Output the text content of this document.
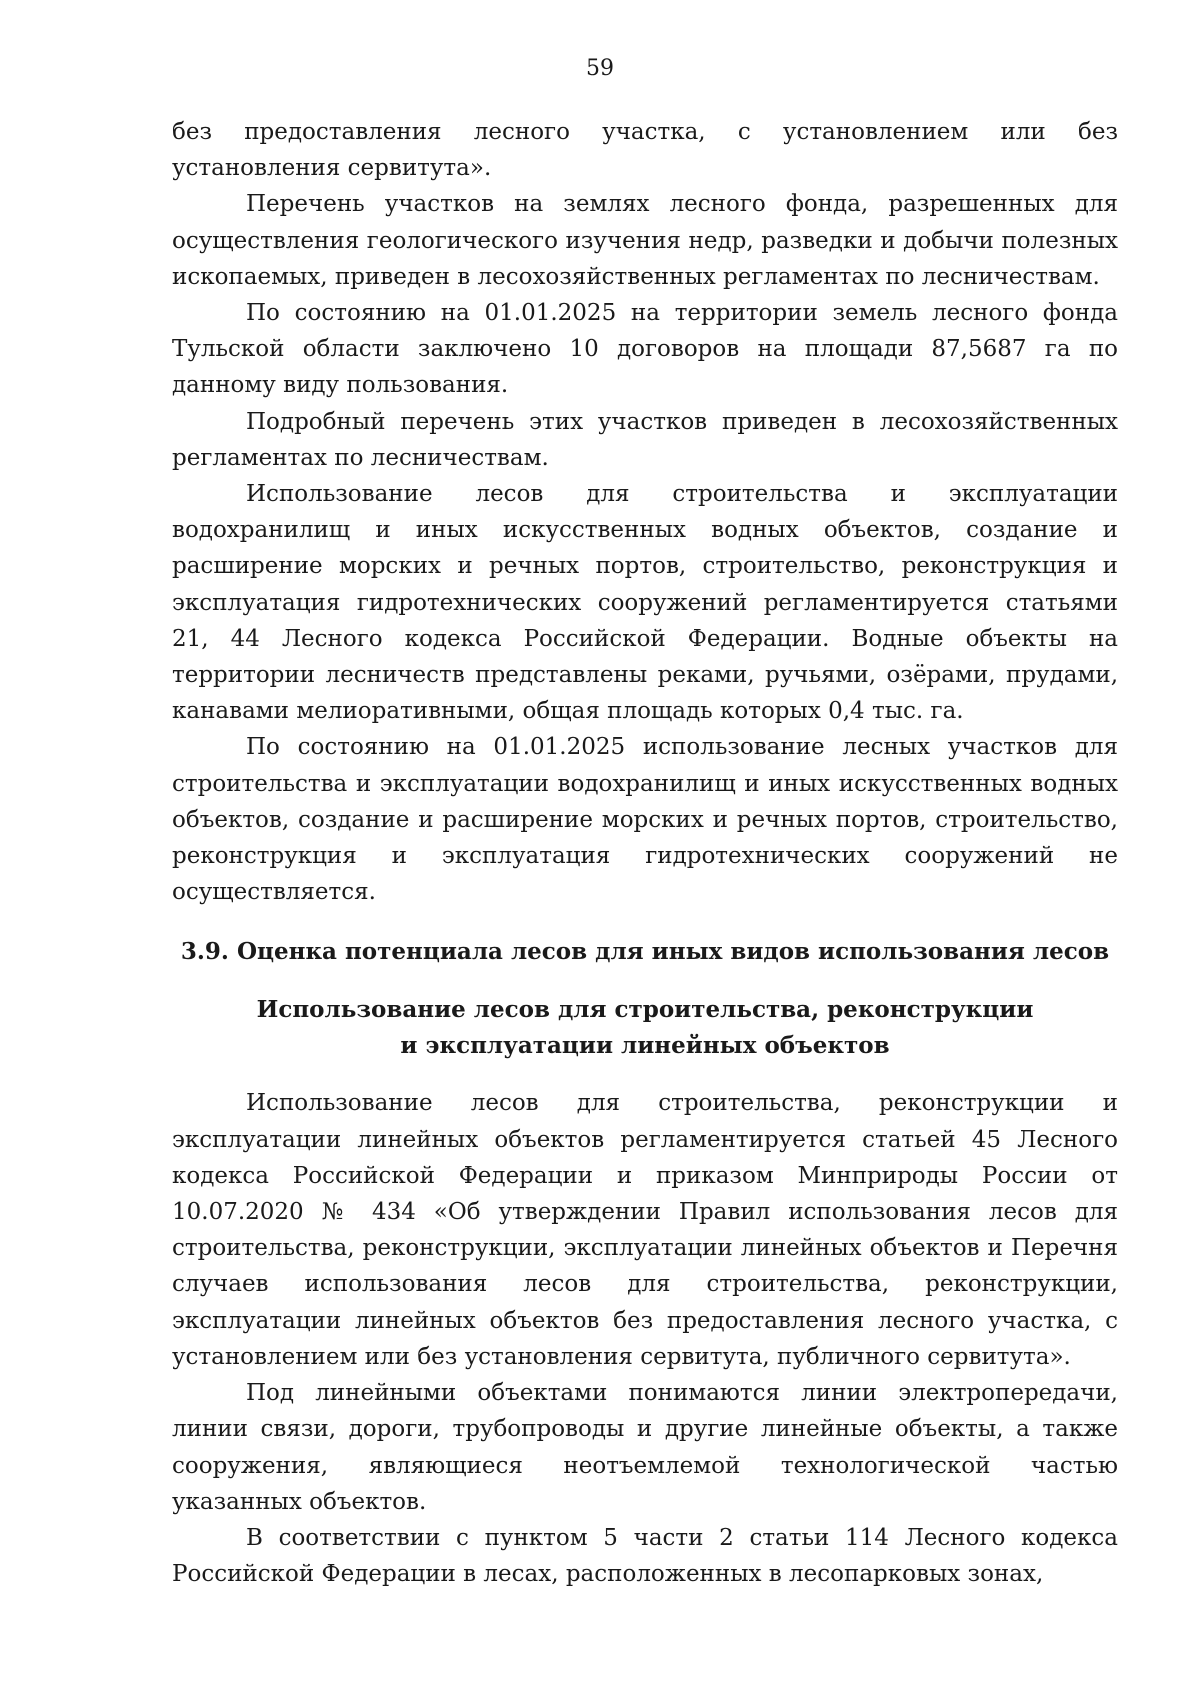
59

без предоставления лесного участка, с установлением или без установления сервитута».

Перечень участков на землях лесного фонда, разрешенных для осуществления геологического изучения недр, разведки и добычи полезных ископаемых, приведен в лесохозяйственных регламентах по лесничествам.

По состоянию на 01.01.2025 на территории земель лесного фонда Тульской области заключено 10 договоров на площади 87,5687 га по данному виду пользования.

Подробный перечень этих участков приведен в лесохозяйственных регламентах по лесничествам.

Использование лесов для строительства и эксплуатации водохранилищ и иных искусственных водных объектов, создание и расширение морских и речных портов, строительство, реконструкция и эксплуатация гидротехнических сооружений регламентируется статьями 21, 44 Лесного кодекса Российской Федерации. Водные объекты на территории лесничеств представлены реками, ручьями, озёрами, прудами, канавами мелиоративными, общая площадь которых 0,4 тыс. га.

По состоянию на 01.01.2025 использование лесных участков для строительства и эксплуатации водохранилищ и иных искусственных водных объектов, создание и расширение морских и речных портов, строительство, реконструкция и эксплуатация гидротехнических сооружений не осуществляется.

3.9. Оценка потенциала лесов для иных видов использования лесов
Использование лесов для строительства, реконструкции
и эксплуатации линейных объектов

Использование лесов для строительства, реконструкции и эксплуатации линейных объектов регламентируется статьей 45 Лесного кодекса Российской Федерации и приказом Минприроды России от 10.07.2020 № 434 «Об утверждении Правил использования лесов для строительства, реконструкции, эксплуатации линейных объектов и Перечня случаев использования лесов для строительства, реконструкции, эксплуатации линейных объектов без предоставления лесного участка, с установлением или без установления сервитута, публичного сервитута».

Под линейными объектами понимаются линии электропередачи, линии связи, дороги, трубопроводы и другие линейные объекты, а также сооружения, являющиеся неотъемлемой технологической частью указанных объектов.

В соответствии с пунктом 5 части 2 статьи 114 Лесного кодекса Российской Федерации в лесах, расположенных в лесопарковых зонах,
